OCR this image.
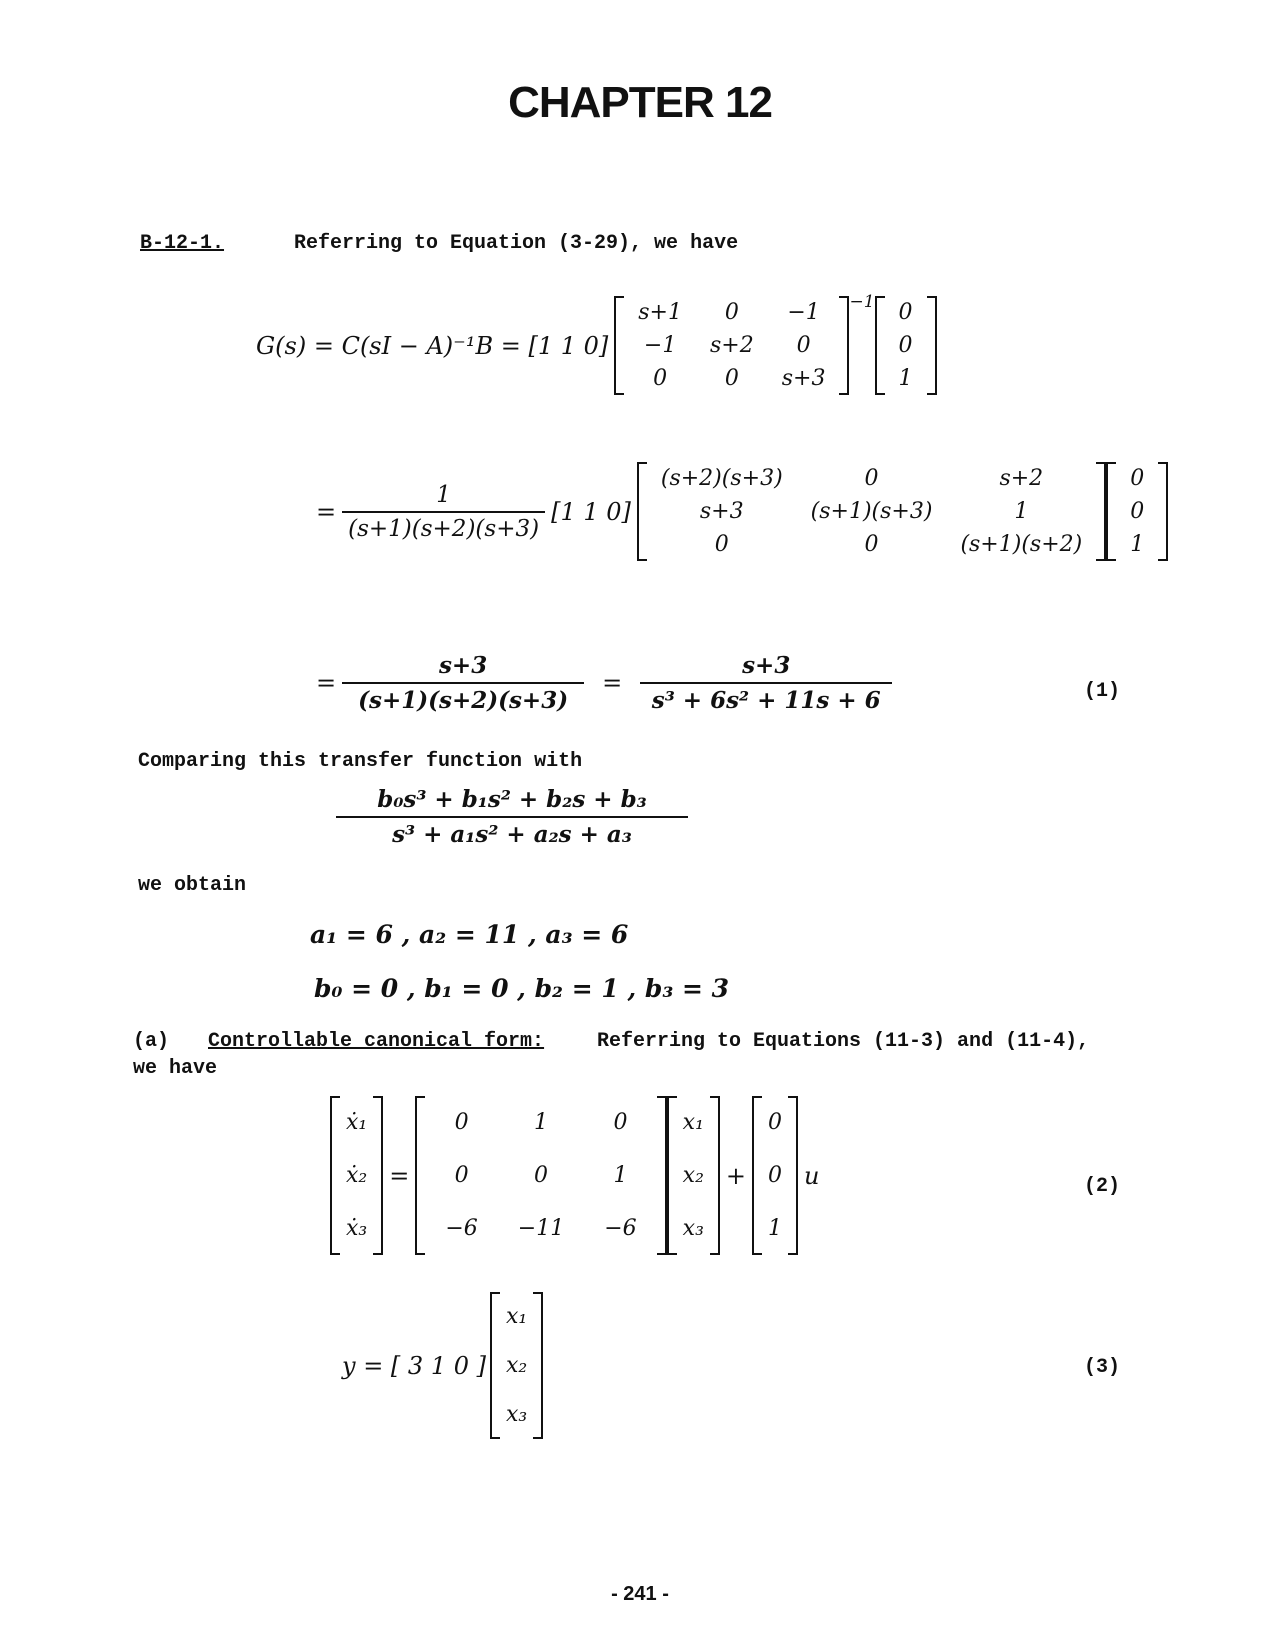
CHAPTER 12
B-12-1.	Referring to Equation (3-29), we have
G(s) = C(sI − A)⁻¹B = [1 1 0]
s+1	0	−1
−1	s+2	0
0	0	s+3
−1 0
0
1
= $\frac{1}{(s+1)(s+2)(s+3)} [1$ 1 0]
(s+2)(s+3)	0	s+2
s+3	(s+1)(s+3)	1
0	0	(s+1)(s+2)
0
0
1
= $\frac{s+3}{(s+1)(s+2)(s+3)} = \frac{s+3}{\text{s³ + 6s² + 11s + 6}}$	(1)
Comparing this transfer function with
$\frac{\text{b₀s³ + b₁s² + b₂s + b₃}}{\text{s³ + a₁s² + a₂s + a₃}}$
we obtain
a₁ = 6 , a₂ = 11 , a₃ = 6
b₀ = 0 , b₁ = 0 , b₂ = 1 , b₃ = 3
(a) Controllable canonical form:	Referring to Equations (11-3) and (11-4),
we have
ẋ₁
ẋ₂
ẋ₃
=
0	1	0
0	0	1
−6	−11	−6
x₁
x₂
x₃
+
0
0
1
u	(2)
y = [ 3 1 0 ]
x₁
x₂
x₃
(3)
- 241 -
